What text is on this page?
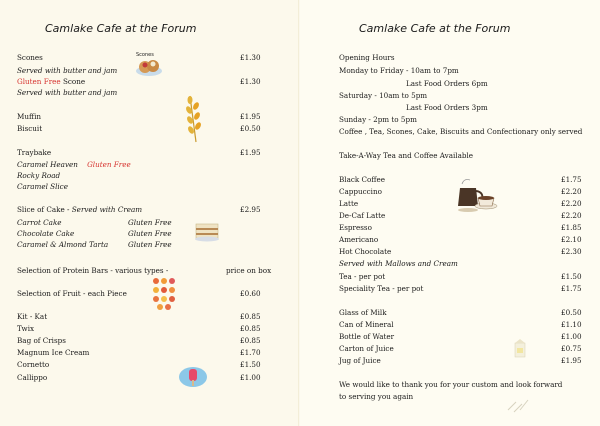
Camlake Cafe at the Forum
Scones	£1.30
Served with butter and jam
Scones
Gluten Free Scone	£1.30
Served with butter and jam
Muffin	£1.95
Biscuit	£0.50
Traybake	£1.95
Caramel Heaven Gluten Free
Rocky Road
Caramel Slice
Slice of Cake - Served with Cream	£2.95
Carrot Cake	Gluten Free
Chocolate Cake	Gluten Free
Caramel & Almond Tarta	Gluten Free
Selection of Protein Bars - various types -	price on box
Selection of Fruit - each Piece	£0.60
Kit - Kat	£0.85
Twix	£0.85
Bag of Crisps	£0.85
Magnum Ice Cream	£1.70
Cornetto	£1.50
Callippo	£1.00
Camlake Cafe at the Forum
Opening Hours
Monday to Friday - 10am to 7pm
Last Food Orders 6pm
Saturday - 10am to 5pm
Last Food Orders 3pm
Sunday - 2pm to 5pm
Coffee , Tea, Scones, Cake, Biscuits and Confectionary only served
Take-A-Way Tea and Coffee Available
Black Coffee	£1.75
Cappuccino	£2.20
Latte	£2.20
De-Caf Latte	£2.20
Espresso	£1.85
Americano	£2.10
Hot Chocolate	£2.30
Served with Mallows and Cream
Tea - per pot	£1.50
Speciality Tea - per pot	£1.75
Glass of Milk	£0.50
Can of Mineral	£1.10
Bottle of Water	£1.00
Carton of Juice	£0.75
Jug of Juice	£1.95
We would like to thank you for your custom and look forward
to serving you again
